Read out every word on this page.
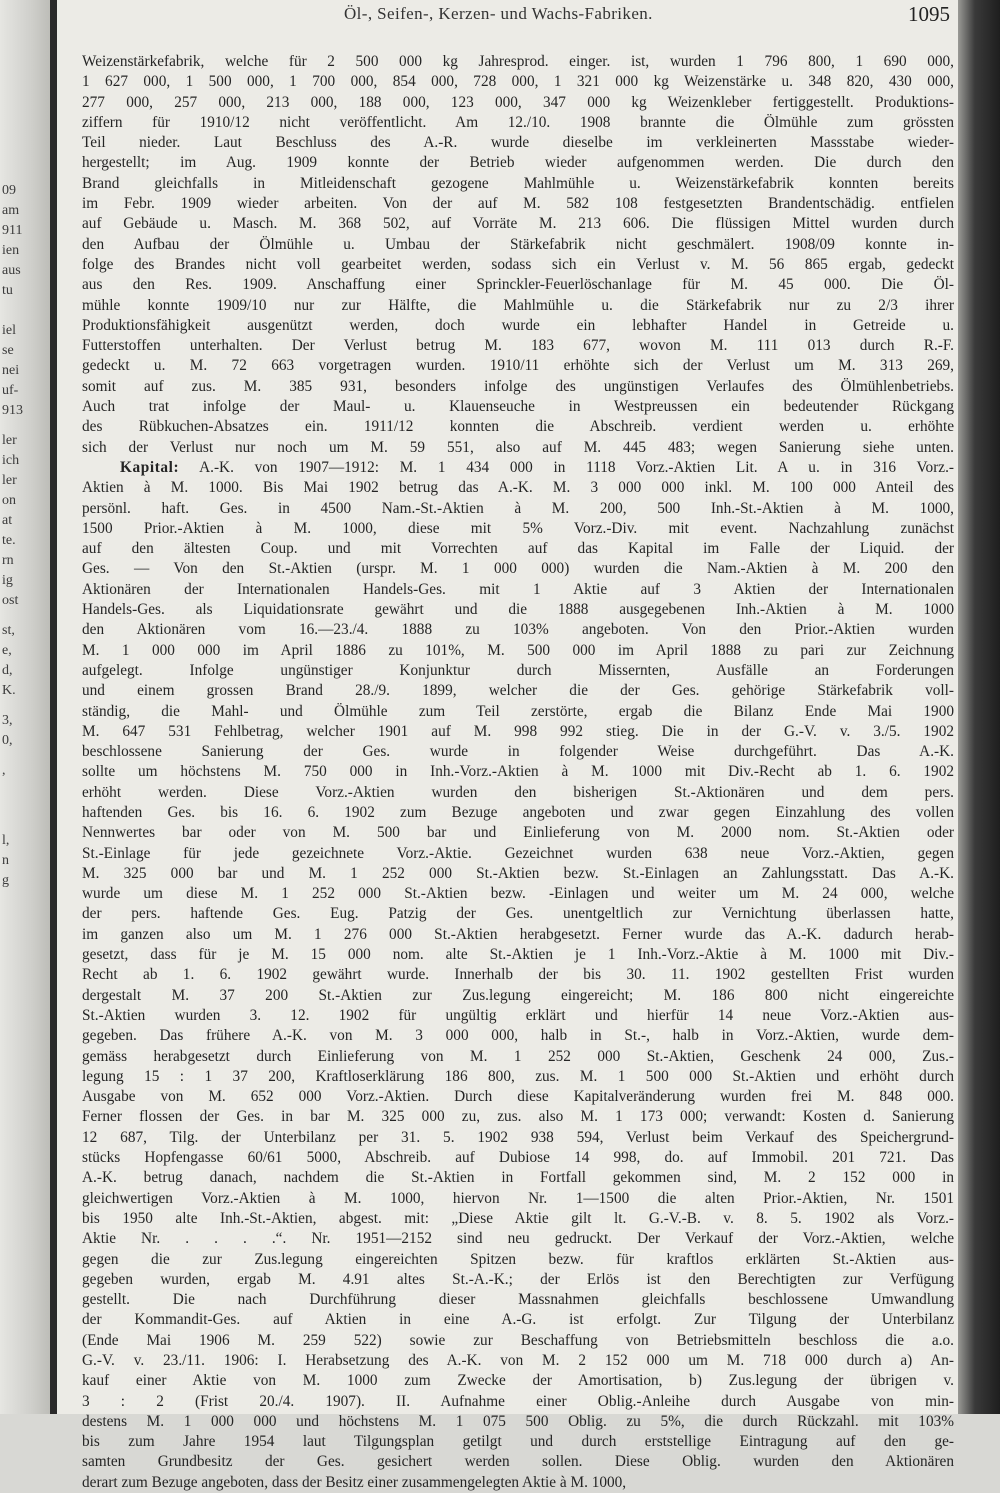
09
am
911
ien
aus
tu
iel
se
nei
uf-
913
ler
ich
ler
on
at
te.
rn
ig
ost
st,
e,
d,
K.
3,
0,
,
l,
n
g
Öl-, Seifen-, Kerzen- und Wachs-Fabriken.	1095
Weizenstärkefabrik, welche für 2 500 000 kg Jahresprod. einger. ist, wurden 1 796 800, 1 690 000,
1 627 000, 1 500 000, 1 700 000, 854 000, 728 000, 1 321 000 kg Weizenstärke u. 348 820, 430 000,
277 000, 257 000, 213 000, 188 000, 123 000, 347 000 kg Weizenkleber fertiggestellt. Produktions-
ziffern für 1910/12 nicht veröffentlicht. Am 12./10. 1908 brannte die Ölmühle zum grössten
Teil nieder. Laut Beschluss des A.-R. wurde dieselbe im verkleinerten Massstabe wieder-
hergestellt; im Aug. 1909 konnte der Betrieb wieder aufgenommen werden. Die durch den
Brand gleichfalls in Mitleidenschaft gezogene Mahlmühle u. Weizenstärkefabrik konnten bereits
im Febr. 1909 wieder arbeiten. Von der auf M. 582 108 festgesetzten Brandentschädig. entfielen
auf Gebäude u. Masch. M. 368 502, auf Vorräte M. 213 606. Die flüssigen Mittel wurden durch
den Aufbau der Ölmühle u. Umbau der Stärkefabrik nicht geschmälert. 1908/09 konnte in-
folge des Brandes nicht voll gearbeitet werden, sodass sich ein Verlust v. M. 56 865 ergab, gedeckt
aus den Res. 1909. Anschaffung einer Sprinckler-Feuerlöschanlage für M. 45 000. Die Öl-
mühle konnte 1909/10 nur zur Hälfte, die Mahlmühle u. die Stärkefabrik nur zu 2/3 ihrer
Produktionsfähigkeit ausgenützt werden, doch wurde ein lebhafter Handel in Getreide u.
Futterstoffen unterhalten. Der Verlust betrug M. 183 677, wovon M. 111 013 durch R.-F.
gedeckt u. M. 72 663 vorgetragen wurden. 1910/11 erhöhte sich der Verlust um M. 313 269,
somit auf zus. M. 385 931, besonders infolge des ungünstigen Verlaufes des Ölmühlenbetriebs.
Auch trat infolge der Maul- u. Klauenseuche in Westpreussen ein bedeutender Rückgang
des Rübkuchen-Absatzes ein. 1911/12 konnten die Abschreib. verdient werden u. erhöhte
sich der Verlust nur noch um M. 59 551, also auf M. 445 483; wegen Sanierung siehe unten.
Kapital: A.-K. von 1907—1912: M. 1 434 000 in 1118 Vorz.-Aktien Lit. A u. in 316 Vorz.-
Aktien à M. 1000. Bis Mai 1902 betrug das A.-K. M. 3 000 000 inkl. M. 100 000 Anteil des
persönl. haft. Ges. in 4500 Nam.-St.-Aktien à M. 200, 500 Inh.-St.-Aktien à M. 1000,
1500 Prior.-Aktien à M. 1000, diese mit 5% Vorz.-Div. mit event. Nachzahlung zunächst
auf den ältesten Coup. und mit Vorrechten auf das Kapital im Falle der Liquid. der
Ges. — Von den St.-Aktien (urspr. M. 1 000 000) wurden die Nam.-Aktien à M. 200 den
Aktionären der Internationalen Handels-Ges. mit 1 Aktie auf 3 Aktien der Internationalen
Handels-Ges. als Liquidationsrate gewährt und die 1888 ausgegebenen Inh.-Aktien à M. 1000
den Aktionären vom 16.—23./4. 1888 zu 103% angeboten. Von den Prior.-Aktien wurden
M. 1 000 000 im April 1886 zu 101%, M. 500 000 im April 1888 zu pari zur Zeichnung
aufgelegt. Infolge ungünstiger Konjunktur durch Missernten, Ausfälle an Forderungen
und einem grossen Brand 28./9. 1899, welcher die der Ges. gehörige Stärkefabrik voll-
ständig, die Mahl- und Ölmühle zum Teil zerstörte, ergab die Bilanz Ende Mai 1900
M. 647 531 Fehlbetrag, welcher 1901 auf M. 998 992 stieg. Die in der G.-V. v. 3./5. 1902
beschlossene Sanierung der Ges. wurde in folgender Weise durchgeführt. Das A.-K.
sollte um höchstens M. 750 000 in Inh.-Vorz.-Aktien à M. 1000 mit Div.-Recht ab 1. 6. 1902
erhöht werden. Diese Vorz.-Aktien wurden den bisherigen St.-Aktionären und dem pers.
haftenden Ges. bis 16. 6. 1902 zum Bezuge angeboten und zwar gegen Einzahlung des vollen
Nennwertes bar oder von M. 500 bar und Einlieferung von M. 2000 nom. St.-Aktien oder
St.-Einlage für jede gezeichnete Vorz.-Aktie. Gezeichnet wurden 638 neue Vorz.-Aktien, gegen
M. 325 000 bar und M. 1 252 000 St.-Aktien bezw. St.-Einlagen an Zahlungsstatt. Das A.-K.
wurde um diese M. 1 252 000 St.-Aktien bezw. -Einlagen und weiter um M. 24 000, welche
der pers. haftende Ges. Eug. Patzig der Ges. unentgeltlich zur Vernichtung überlassen hatte,
im ganzen also um M. 1 276 000 St.-Aktien herabgesetzt. Ferner wurde das A.-K. dadurch herab-
gesetzt, dass für je M. 15 000 nom. alte St.-Aktien je 1 Inh.-Vorz.-Aktie à M. 1000 mit Div.-
Recht ab 1. 6. 1902 gewährt wurde. Innerhalb der bis 30. 11. 1902 gestellten Frist wurden
dergestalt M. 37 200 St.-Aktien zur Zus.legung eingereicht; M. 186 800 nicht eingereichte
St.-Aktien wurden 3. 12. 1902 für ungültig erklärt und hierfür 14 neue Vorz.-Aktien aus-
gegeben. Das frühere A.-K. von M. 3 000 000, halb in St.-, halb in Vorz.-Aktien, wurde dem-
gemäss herabgesetzt durch Einlieferung von M. 1 252 000 St.-Aktien, Geschenk 24 000, Zus.-
legung 15 : 1 37 200, Kraftloserklärung 186 800, zus. M. 1 500 000 St.-Aktien und erhöht durch
Ausgabe von M. 652 000 Vorz.-Aktien. Durch diese Kapitalveränderung wurden frei M. 848 000.
Ferner flossen der Ges. in bar M. 325 000 zu, zus. also M. 1 173 000; verwandt: Kosten d. Sanierung
12 687, Tilg. der Unterbilanz per 31. 5. 1902 938 594, Verlust beim Verkauf des Speichergrund-
stücks Hopfengasse 60/61 5000, Abschreib. auf Dubiose 14 998, do. auf Immobil. 201 721. Das
A.-K. betrug danach, nachdem die St.-Aktien in Fortfall gekommen sind, M. 2 152 000 in
gleichwertigen Vorz.-Aktien à M. 1000, hiervon Nr. 1—1500 die alten Prior.-Aktien, Nr. 1501
bis 1950 alte Inh.-St.-Aktien, abgest. mit: „Diese Aktie gilt lt. G.-V.-B. v. 8. 5. 1902 als Vorz.-
Aktie Nr. . . . .“. Nr. 1951—2152 sind neu gedruckt. Der Verkauf der Vorz.-Aktien, welche
gegen die zur Zus.legung eingereichten Spitzen bezw. für kraftlos erklärten St.-Aktien aus-
gegeben wurden, ergab M. 4.91 altes St.-A.-K.; der Erlös ist den Berechtigten zur Verfügung
gestellt. Die nach Durchführung dieser Massnahmen gleichfalls beschlossene Umwandlung
der Kommandit-Ges. auf Aktien in eine A.-G. ist erfolgt. Zur Tilgung der Unterbilanz
(Ende Mai 1906 M. 259 522) sowie zur Beschaffung von Betriebsmitteln beschloss die a.o.
G.-V. v. 23./11. 1906: I. Herabsetzung des A.-K. von M. 2 152 000 um M. 718 000 durch a) An-
kauf einer Aktie von M. 1000 zum Zwecke der Amortisation, b) Zus.legung der übrigen v.
3 : 2 (Frist 20./4. 1907). II. Aufnahme einer Oblig.-Anleihe durch Ausgabe von min-
destens M. 1 000 000 und höchstens M. 1 075 500 Oblig. zu 5%, die durch Rückzahl. mit 103%
bis zum Jahre 1954 laut Tilgungsplan getilgt und durch erststellige Eintragung auf den ge-
samten Grundbesitz der Ges. gesichert werden sollen. Diese Oblig. wurden den Aktionären
derart zum Bezuge angeboten, dass der Besitz einer zusammengelegten Aktie à M. 1000,
